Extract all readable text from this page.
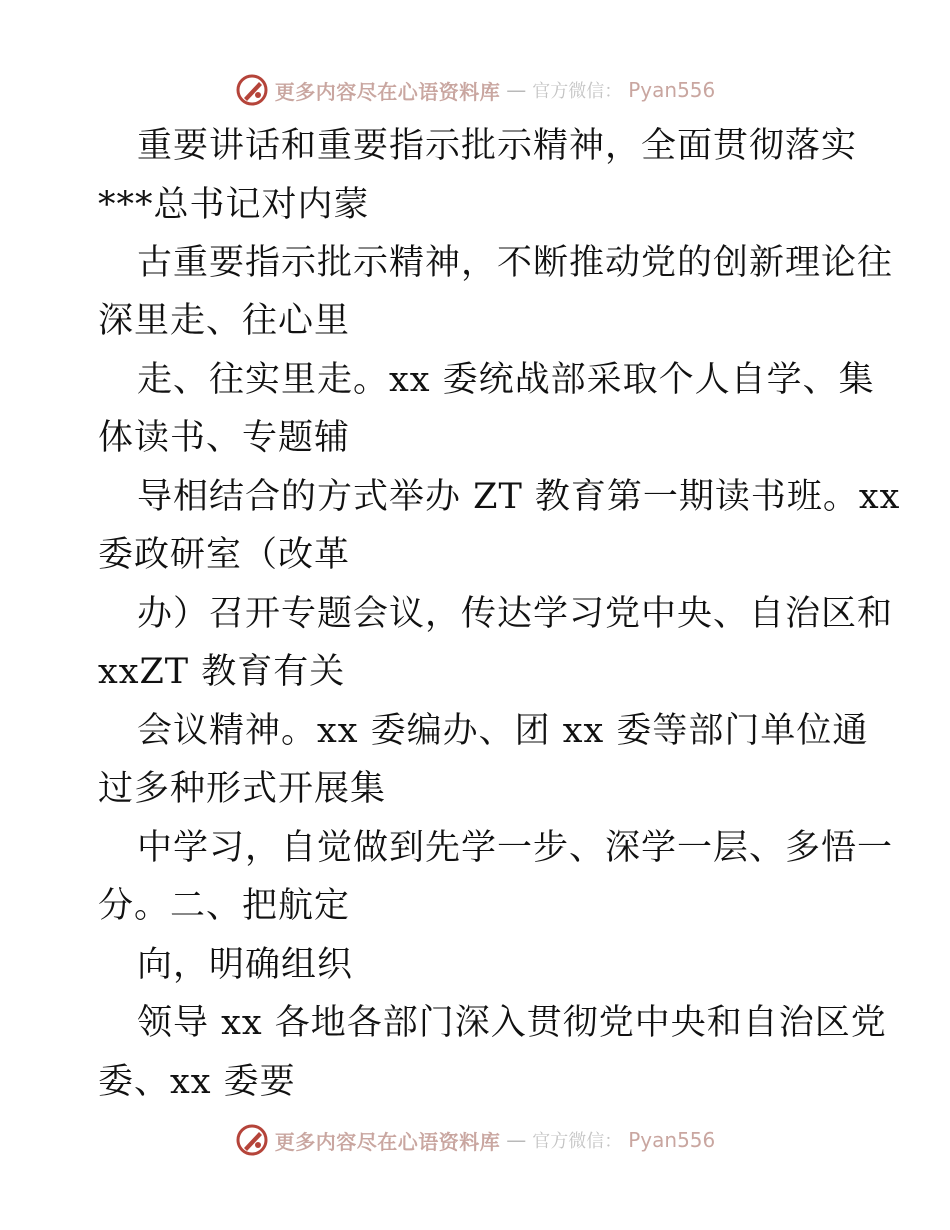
更多内容尽在心语资料库 — 官方微信： Pyan556
重要讲话和重要指示批示精神，全面贯彻落实
***总书记对内蒙
古重要指示批示精神，不断推动党的创新理论往
深里走、往心里
走、往实里走。xx 委统战部采取个人自学、集
体读书、专题辅
导相结合的方式举办 ZT 教育第一期读书班。xx
委政研室（改革
办）召开专题会议，传达学习党中央、自治区和
xxZT 教育有关
会议精神。xx 委编办、团 xx 委等部门单位通
过多种形式开展集
中学习，自觉做到先学一步、深学一层、多悟一
分。二、把航定
向，明确组织
领导 xx 各地各部门深入贯彻党中央和自治区党
委、xx 委要
更多内容尽在心语资料库 — 官方微信： Pyan556
